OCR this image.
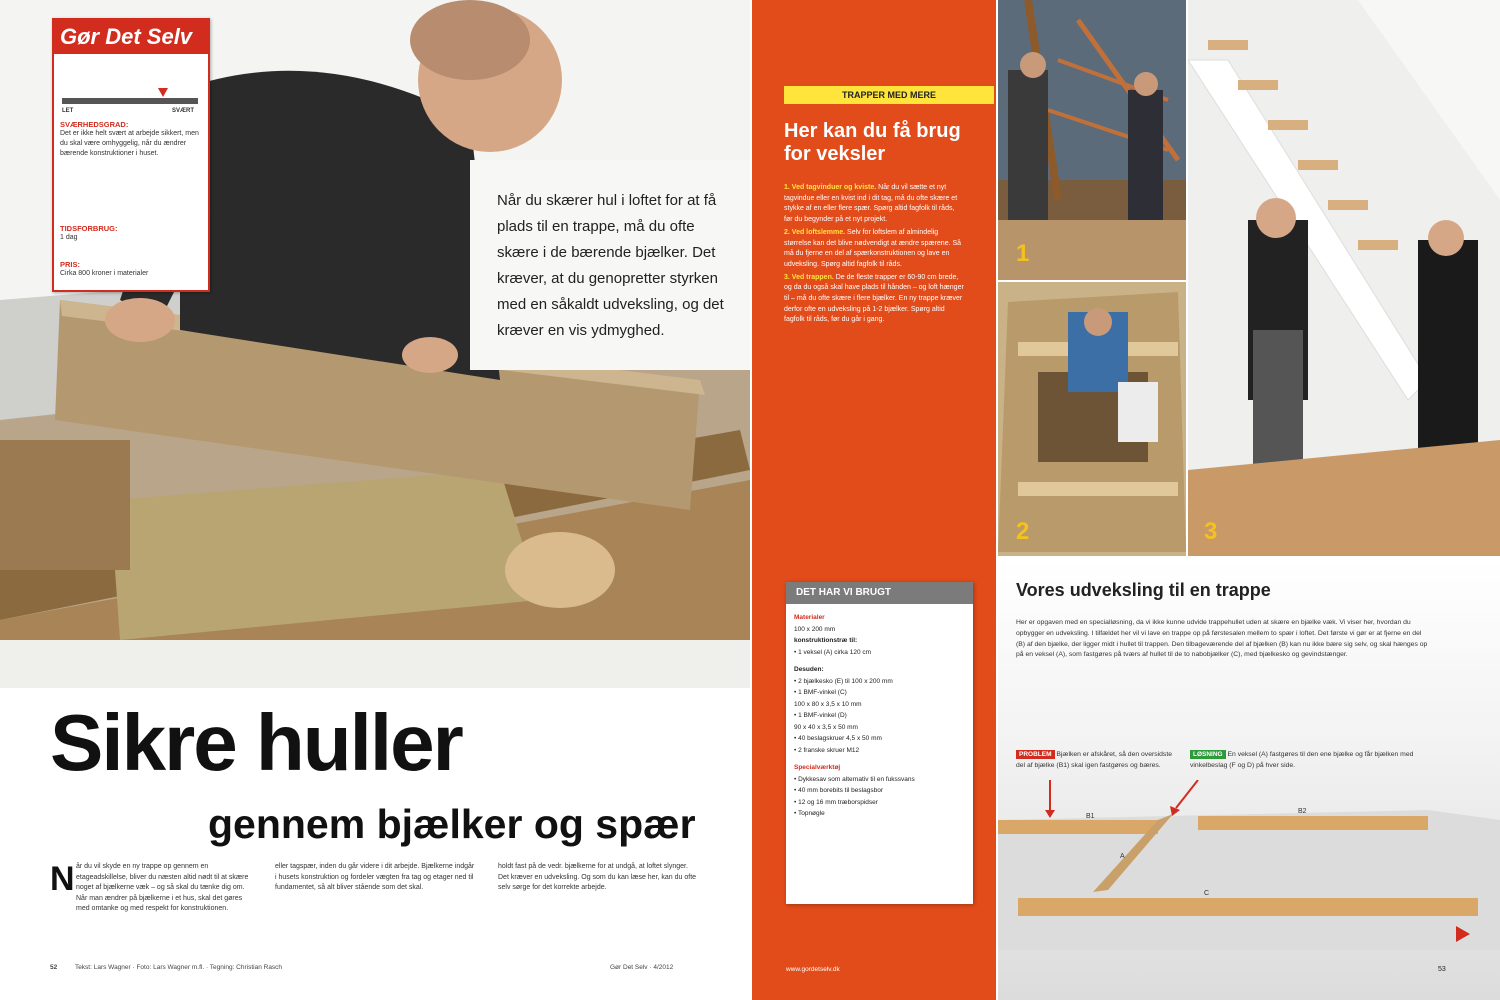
Gør Det Selv
LET	SVÆRT
SVÆRHEDSGRAD:
Det er ikke helt svært at arbejde sikkert, men du skal være omhyggelig, når du ændrer bærende konstruktioner i huset.
TIDSFORBRUG:
1 dag
PRIS:
Cirka 800 kroner i materialer
Når du skærer hul i loftet for at få plads til en trappe, må du ofte skære i de bærende bjælker. Det kræver, at du genopretter styrken med en såkaldt udveksling, og det kræver en vis ydmyghed.
Sikre huller
gennem bjælker og spær
N år du vil skyde en ny trappe op gennem en etageadskillelse, bliver du næsten altid nødt til at skære noget af bjælkerne væk – og så skal du tænke dig om. Når man ændrer på bjælkerne i et hus, skal det gøres med omtanke og med respekt for konstruktionen.
eller tagspær, inden du går videre i dit arbejde. Bjælkerne indgår i husets konstruktion og fordeler vægten fra tag og etager ned til fundamentet, så alt bliver stående som det skal.
holdt fast på de vedr. bjælkerne for at undgå, at loftet slynger. Det kræver en udveksling. Og som du kan læse her, kan du ofte selv sørge for det korrekte arbejde.
52	Tekst: Lars Wagner · Foto: Lars Wagner m.fl. · Tegning: Christian Rasch	Gør Det Selv · 4/2012
TRAPPER MED MERE
Her kan du få brug for veksler
1. Ved tagvinduer og kviste. Når du vil sætte et nyt tagvindue eller en kvist ind i dit tag, må du ofte skære et stykke af en eller flere spær. Spørg altid fagfolk til råds, før du begynder på et nyt projekt.
2. Ved loftslemme. Selv for loftslem af almindelig størrelse kan det blive nødvendigt at ændre spærene. Så må du fjerne en del af spærkonstruktionen og lave en udveksling. Spørg altid fagfolk til råds.
3. Ved trappen. De de fleste trapper er 60-90 cm brede, og da du også skal have plads til hånden – og loft hænger til – må du ofte skære i flere bjælker. En ny trappe kræver derfor ofte en udveksling på 1-2 bjælker. Spørg altid fagfolk til råds, før du går i gang.
DET HAR VI BRUGT
Materialer
100 x 200 mm
konstruktionstræ til:
• 1 veksel (A) cirka 120 cm
Desuden:
• 2 bjælkesko (E) til 100 x 200 mm
• 1 BMF-vinkel (C)
100 x 80 x 3,5 x 10 mm
• 1 BMF-vinkel (D)
90 x 40 x 3,5 x 50 mm
• 40 beslagskruer 4,5 x 50 mm
• 2 franske skruer M12
Specialværktøj
• Dykkesav som alternativ til en fukssvans
• 40 mm borebits til beslagsbor
• 12 og 16 mm træborspidser
• Topnøgle
www.gordetselv.dk
1
2	3
Vores udveksling til en trappe
Her er opgaven med en specialløsning, da vi ikke kunne udvide trappehullet uden at skære en bjælke væk. Vi viser her, hvordan du opbygger en udveksling. I tilfældet her vil vi lave en trappe op på førstesalen mellem to spær i loftet. Det første vi gør er at fjerne en del (B) af den bjælke, der ligger midt i hullet til trappen. Den tilbageværende del af bjælken (B) kan nu ikke bære sig selv, og skal hænges op på en veksel (A), som fastgøres på tværs af hullet til de to nabobjælker (C), med bjælkesko og gevindstænger.
PROBLEM Bjælken er afskåret, så den oversidste del af bjælke (B1) skal igen fastgøres og bæres.
LØSNING En veksel (A) fastgøres til den ene bjælke og får bjælken med vinkelbeslag (F og D) på hver side.
B1
B2
A
C
53
